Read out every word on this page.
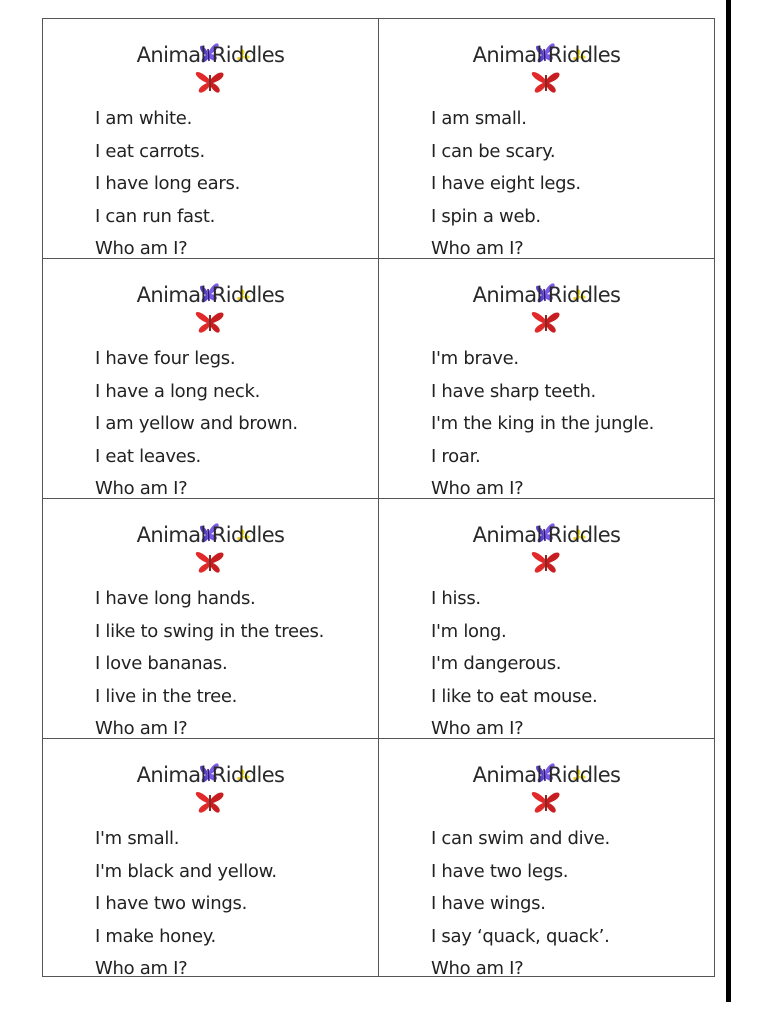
Animal Riddles
I am white.
I eat carrots.
I have long ears.
I can run fast.
Who am I?
Animal Riddles
I am small.
I can be scary.
I have eight legs.
I spin a web.
Who am I?
Animal Riddles
I have four legs.
I have a long neck.
I am yellow and brown.
I eat leaves.
Who am I?
Animal Riddles
I'm brave.
I have sharp teeth.
I'm the king in the jungle.
I roar.
Who am I?
Animal Riddles
I have long hands.
I like to swing in the trees.
I love bananas.
I live in the tree.
Who am I?
Animal Riddles
I hiss.
I'm long.
I'm dangerous.
I like to eat mouse.
Who am I?
Animal Riddles
I'm small.
I'm black and yellow.
I have two wings.
I make honey.
Who am I?
Animal Riddles
I can swim and dive.
I have two legs.
I have wings.
I say ‘quack, quack’.
Who am I?
